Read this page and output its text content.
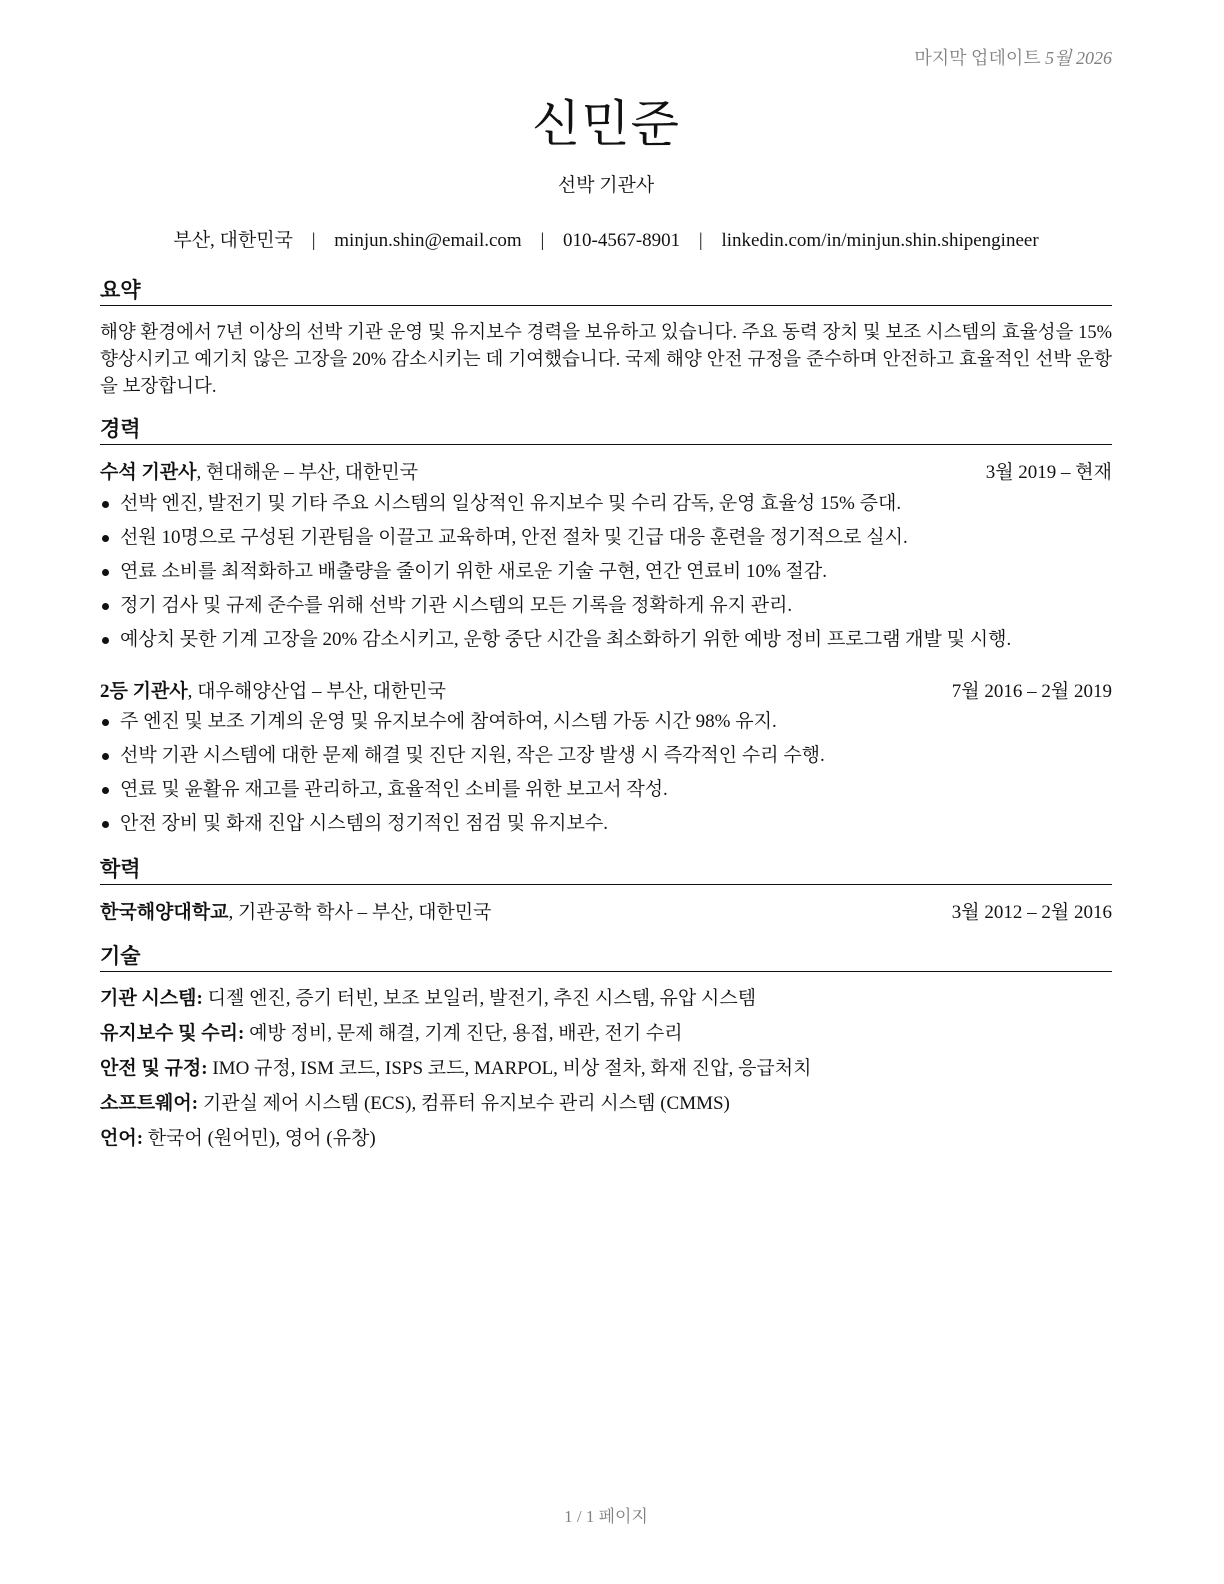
마지막 업데이트 5월 2026
신민준
선박 기관사
부산, 대한민국 | minjun.shin@email.com | 010-4567-8901 | linkedin.com/in/minjun.shin.shipengineer
요약

해양 환경에서 7년 이상의 선박 기관 운영 및 유지보수 경력을 보유하고 있습니다. 주요 동력 장치 및 보조 시스템의 효율성을 15% 향상시키고 예기치 않은 고장을 20% 감소시키는 데 기여했습니다. 국제 해양 안전 규정을 준수하며 안전하고 효율적인 선박 운항을 보장합니다.

경력
수석 기관사, 현대해운 – 부산, 대한민국	3월 2019 – 현재
선박 엔진, 발전기 및 기타 주요 시스템의 일상적인 유지보수 및 수리 감독, 운영 효율성 15% 증대.
선원 10명으로 구성된 기관팀을 이끌고 교육하며, 안전 절차 및 긴급 대응 훈련을 정기적으로 실시.
연료 소비를 최적화하고 배출량을 줄이기 위한 새로운 기술 구현, 연간 연료비 10% 절감.
정기 검사 및 규제 준수를 위해 선박 기관 시스템의 모든 기록을 정확하게 유지 관리.
예상치 못한 기계 고장을 20% 감소시키고, 운항 중단 시간을 최소화하기 위한 예방 정비 프로그램 개발 및 시행.
2등 기관사, 대우해양산업 – 부산, 대한민국	7월 2016 – 2월 2019
주 엔진 및 보조 기계의 운영 및 유지보수에 참여하여, 시스템 가동 시간 98% 유지.
선박 기관 시스템에 대한 문제 해결 및 진단 지원, 작은 고장 발생 시 즉각적인 수리 수행.
연료 및 윤활유 재고를 관리하고, 효율적인 소비를 위한 보고서 작성.
안전 장비 및 화재 진압 시스템의 정기적인 점검 및 유지보수.
학력
한국해양대학교, 기관공학 학사 – 부산, 대한민국	3월 2012 – 2월 2016
기술
기관 시스템: 디젤 엔진, 증기 터빈, 보조 보일러, 발전기, 추진 시스템, 유압 시스템
유지보수 및 수리: 예방 정비, 문제 해결, 기계 진단, 용접, 배관, 전기 수리
안전 및 규정: IMO 규정, ISM 코드, ISPS 코드, MARPOL, 비상 절차, 화재 진압, 응급처치
소프트웨어: 기관실 제어 시스템 (ECS), 컴퓨터 유지보수 관리 시스템 (CMMS)
언어: 한국어 (원어민), 영어 (유창)
1 / 1 페이지
